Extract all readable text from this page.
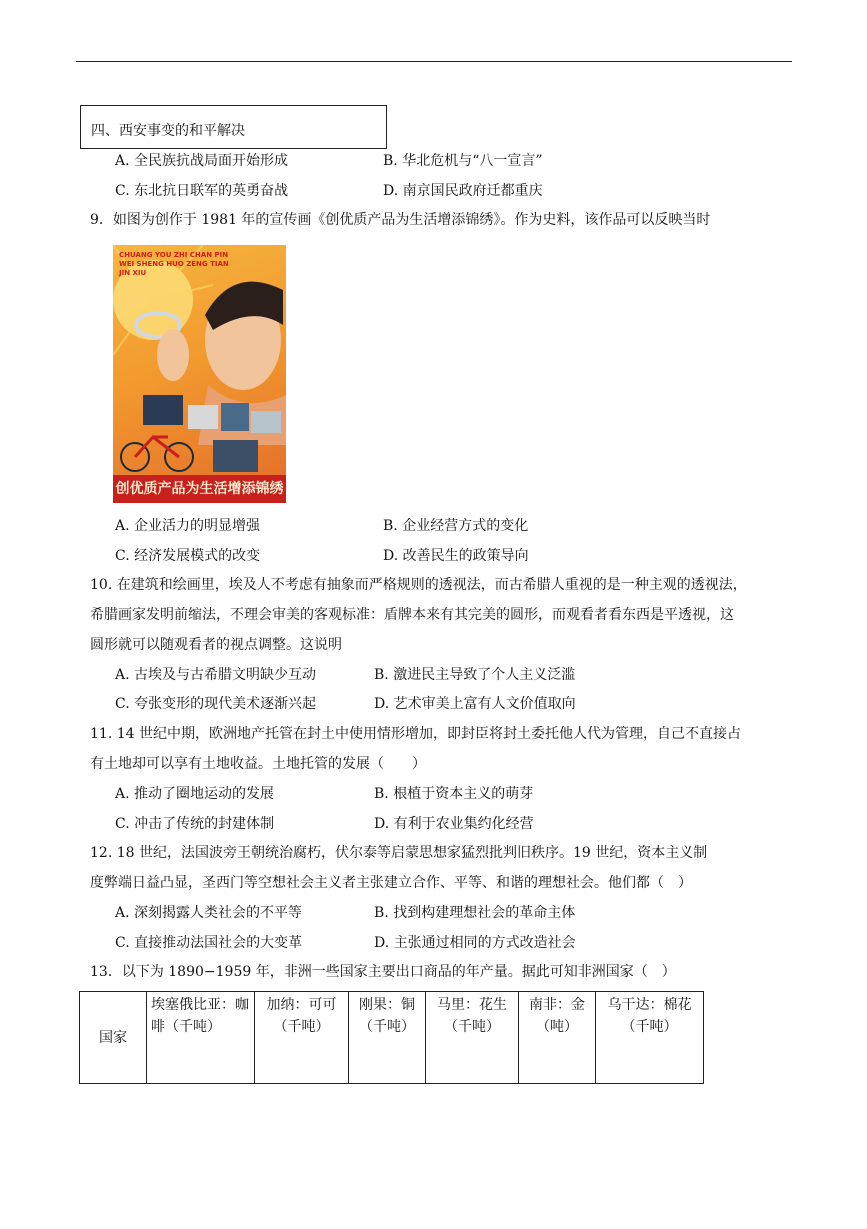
四、西安事变的和平解决
A. 全民族抗战局面开始形成	B. 华北危机与“八一宣言”
C. 东北抗日联军的英勇奋战	D. 南京国民政府迁都重庆
9．如图为创作于 1981 年的宣传画《创优质产品为生活增添锦绣》。作为史料，该作品可以反映当时
CHUANG YOU ZHI CHAN PIN WEI SHENG HUO ZENG TIAN JIN XIU
创优质产品为生活增添锦绣
A. 企业活力的明显增强	B. 企业经营方式的变化
C. 经济发展模式的改变	D. 改善民生的政策导向
10. 在建筑和绘画里，埃及人不考虑有抽象而严格规则的透视法，而古希腊人重视的是一种主观的透视法，
希腊画家发明前缩法，不理会审美的客观标准：盾牌本来有其完美的圆形，而观看者看东西是平透视，这
圆形就可以随观看者的视点调整。这说明
A. 古埃及与古希腊文明缺少互动	B. 激进民主导致了个人主义泛滥
C. 夸张变形的现代美术逐渐兴起	D. 艺术审美上富有人文价值取向
11. 14 世纪中期，欧洲地产托管在封土中使用情形增加，即封臣将封土委托他人代为管理，自己不直接占
有土地却可以享有土地收益。土地托管的发展（　　）
A. 推动了圈地运动的发展	B. 根植于资本主义的萌芽
C. 冲击了传统的封建体制	D. 有利于农业集约化经营
12. 18 世纪，法国波旁王朝统治腐朽，伏尔泰等启蒙思想家猛烈批判旧秩序。19 世纪，资本主义制
度弊端日益凸显，圣西门等空想社会主义者主张建立合作、平等、和谐的理想社会。他们都（　）
A. 深刻揭露人类社会的不平等	B. 找到构建理想社会的革命主体
C. 直接推动法国社会的大变革	D. 主张通过相同的方式改造社会
13．以下为 1890−1959 年，非洲一些国家主要出口商品的年产量。据此可知非洲国家（　）
国家	埃塞俄比亚：咖啡（千吨）	加纳：可可（千吨）	刚果：铜（千吨）	马里：花生（千吨）	南非：金（吨）	乌干达：棉花（千吨）
